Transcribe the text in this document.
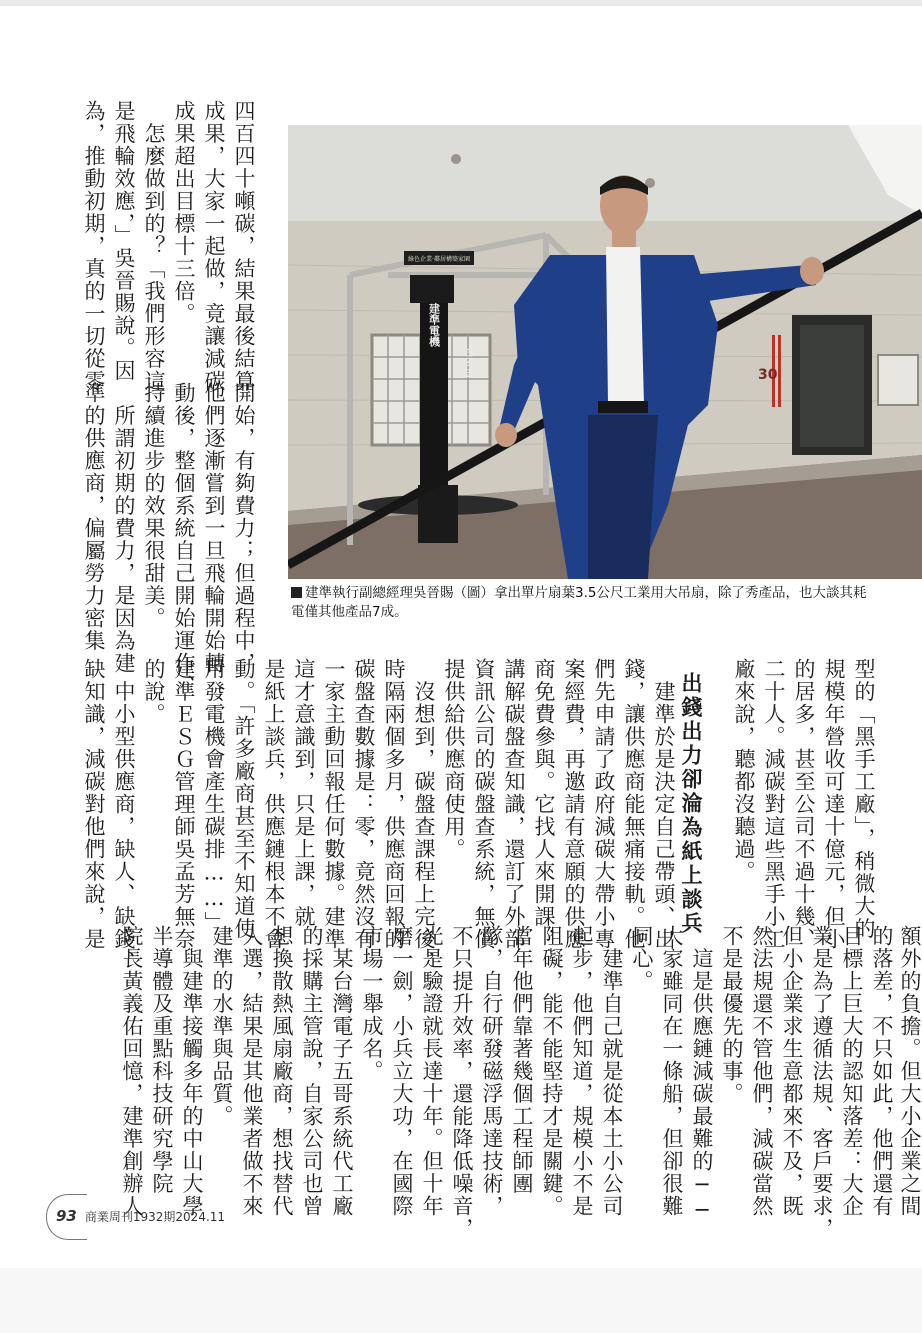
為，推動初期，真的一切從零 是飛輪效應，」吳晉賜說。因 　怎麼做到的？「我們形容這 成果超出目標十三倍。 成果，大家一起做，竟讓減碳 四百四十噸碳，結果最後結算

準的供應商，偏屬勞力密集 　所謂初期的費力，是因為建 持續進步的效果很甜美。 動後，整個系統自己開始運作、 他們逐漸嘗到一旦飛輪開始轉 開始，有夠費力；但過程中，

30
綠色企業‧鄰居構築家園
建準電機
SUNON

建準執行副總經理吳晉賜（圖）拿出單片扇葉3.5公尺工業用大吊扇，除了秀產品，也大談其耗電僅其他產品7成。

缺知識，減碳對他們來說，是 　中小型供應商，缺人、缺錢、 的說。 建準ＥＳＧ管理師吳孟芳無奈 用發電機會產生碳排……」 動。「許多廠商甚至不知道使 是紙上談兵，供應鏈根本不會 這才意識到，只是上課，就 一家主動回報任何數據。建準 碳盤查數據是：零，竟然沒有 時隔兩個多月，供應商回報的 　沒想到，碳盤查課程上完後， 提供給供應商使用。 資訊公司的碳盤查系統，無償 講解碳盤查知識，還訂了外部 商免費參與。它找人來開課， 案經費，再邀請有意願的供應 們先申請了政府減碳大帶小專 錢，讓供應商能無痛接軌。他 　建準於是決定自己帶頭、出 出錢出力卻淪為紙上談兵 廠來說，聽都沒聽過。 二十人。減碳對這些黑手小工 的居多，甚至公司不過十幾、 規模年營收可達十億元，但小 型的「黑手工廠」，稍微大的

院長黃義佑回憶，建準創辦人 半導體及重點科技研究學院 　與建準接觸多年的中山大學 建準的水準與品質。 人選，結果是其他業者做不來 想換散熱風扇廠商，想找替代 的採購主管說，自家公司也曾 　某台灣電子五哥系統代工廠 市場一舉成名。 磨一劍，小兵立大功，在國際 光是驗證就長達十年。但十年 不只提升效率，還能降低噪音， 隊，自行研發磁浮馬達技術， 當年他們靠著幾個工程師團 阻礙，能不能堅持才是關鍵。 起步，他們知道，規模小不是 　建準自己就是從本土小公司 同心。 大家雖同在一條船，但卻很難 　這是供應鏈減碳最難的── 不是最優先的事。 然法規還不管他們，減碳當然 但小企業求生意都來不及，既 業是為了遵循法規、客戶要求， 目標上巨大的認知落差：大企 的落差，不只如此，他們還有 額外的負擔。但大小企業之間

93 商業周刊1932期2024.11
